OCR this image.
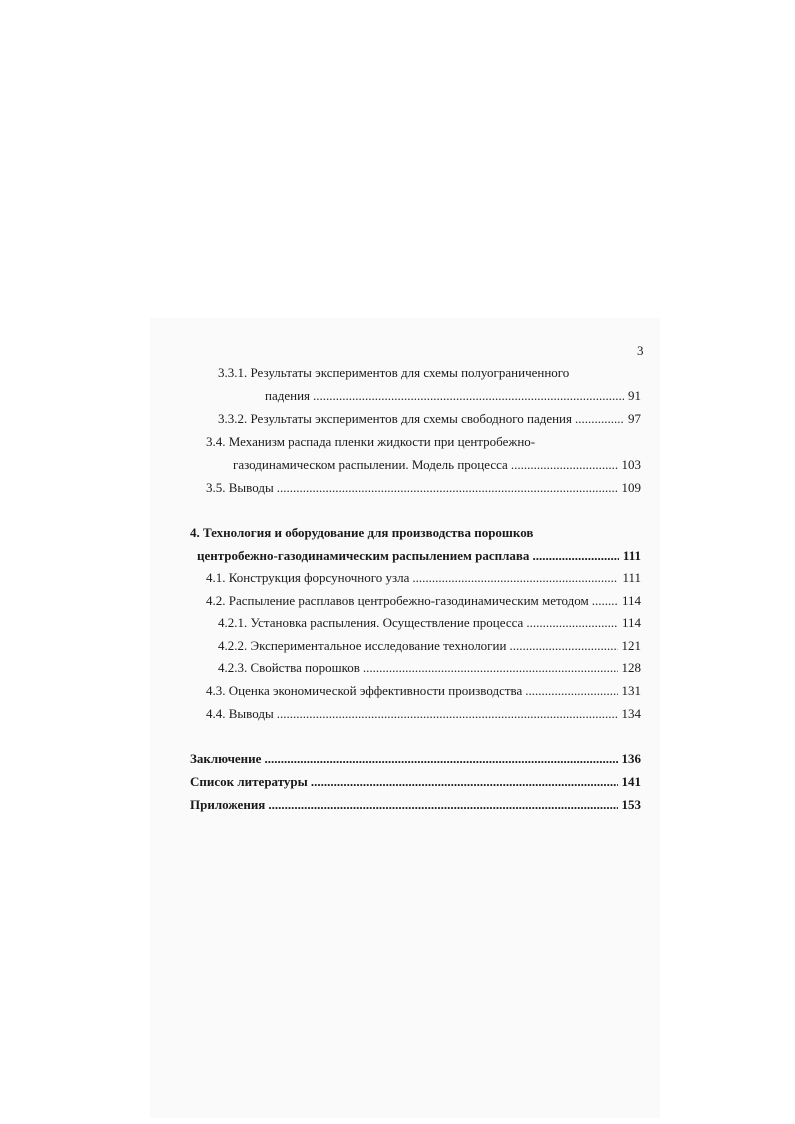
3
3.3.1. Результаты экспериментов для схемы полуограниченного
падения .....	91
3.3.2. Результаты экспериментов для схемы свободного падения .....	97
3.4. Механизм распада пленки жидкости при центробежно-
газодинамическом распылении. Модель процесса .....	103
3.5. Выводы .....	109
4. Технология и оборудование для производства порошков
центробежно-газодинамическим распылением расплава .....	111
4.1. Конструкция форсуночного узла .....	111
4.2. Распыление расплавов центробежно-газодинамическим методом .....	114
4.2.1. Установка распыления. Осуществление процесса .....	114
4.2.2. Экспериментальное исследование технологии .....	121
4.2.3. Свойства порошков .....	128
4.3. Оценка экономической эффективности производства .....	131
4.4. Выводы .....	134
Заключение .....	136
Список литературы .....	141
Приложения .....	153
